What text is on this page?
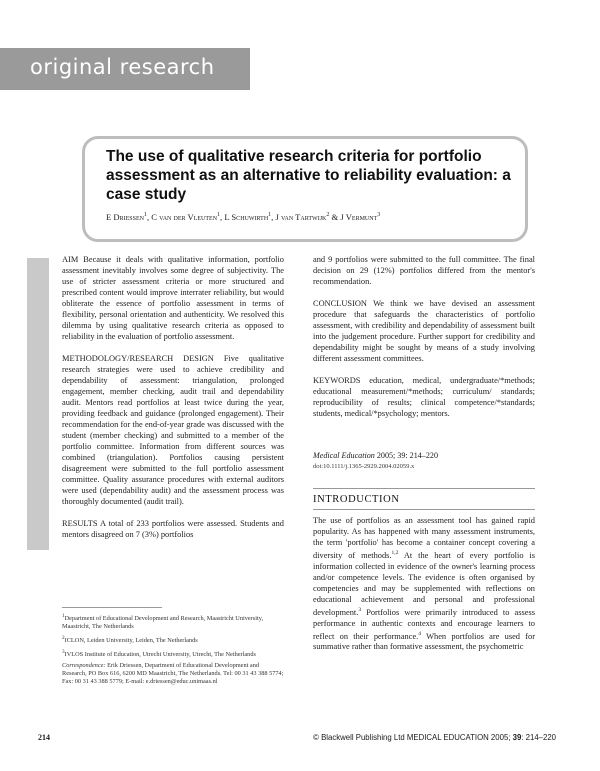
original research
The use of qualitative research criteria for portfolio assessment as an alternative to reliability evaluation: a case study
E Driessen$^1$, C van der Vleuten$^1$, L Schuwirth$^1$, J van Tartwijk$^2$ & J Vermunt$^3$

AIM Because it deals with qualitative information, portfolio assessment inevitably involves some degree of subjectivity. The use of stricter assessment criteria or more structured and prescribed content would improve interrater reliability, but would obliterate the essence of portfolio assessment in terms of flexibility, personal orientation and authenticity. We resolved this dilemma by using qualitative research criteria as opposed to reliability in the evaluation of portfolio assessment.

METHODOLOGY/RESEARCH DESIGN Five qualitative research strategies were used to achieve credibility and dependability of assessment: triangulation, prolonged engagement, member checking, audit trail and dependability audit. Mentors read portfolios at least twice during the year, providing feedback and guidance (prolonged engagement). Their recommendation for the end-of-year grade was discussed with the student (member checking) and submitted to a member of the portfolio committee. Information from different sources was combined (triangulation). Portfolios causing persistent disagreement were submitted to the full portfolio assessment committee. Quality assurance procedures with external auditors were used (dependability audit) and the assessment process was thoroughly documented (audit trail).

RESULTS A total of 233 portfolios were assessed. Students and mentors disagreed on 7 (3%) portfolios

$^1$Department of Educational Development and Research, Maastricht University, Maastricht, The Netherlands

$^2$ICLON, Leiden University, Leiden, The Netherlands

$^3$IVLOS Institute of Education, Utrecht University, Utrecht, The Netherlands

Correspondence: Erik Driessen, Department of Educational Development and Research, PO Box 616, 6200 MD Maastricht, The Netherlands. Tel: 00 31 43 388 5774; Fax: 00 31 43 388 5779; E-mail: e.driessen@educ.unimaas.nl

and 9 portfolios were submitted to the full committee. The final decision on 29 (12%) portfolios differed from the mentor's recommendation.

CONCLUSION We think we have devised an assessment procedure that safeguards the characteristics of portfolio assessment, with credibility and dependability of assessment built into the judgement procedure. Further support for credibility and dependability might be sought by means of a study involving different assessment committees.

KEYWORDS education, medical, undergraduate/*methods; educational measurement/*methods; curriculum/ standards; reproducibility of results; clinical competence/*standards; students, medical/*psychology; mentors.

Medical Education 2005; 39: 214–220
doi:10.1111/j.1365-2929.2004.02059.x
INTRODUCTION
The use of portfolios as an assessment tool has gained rapid popularity. As has happened with many assessment instruments, the term 'portfolio' has become a container concept covering a diversity of methods.$^{1,2}$ At the heart of every portfolio is information collected in evidence of the owner's learning process and/or competence levels. The evidence is often organised by competencies and may be supplemented with reflections on educational achievement and personal and professional development.$^3$ Portfolios were primarily introduced to assess performance in authentic contexts and encourage learners to reflect on their performance.$^4$ When portfolios are used for summative rather than formative assessment, the psychometric
214	© Blackwell Publishing Ltd MEDICAL EDUCATION 2005; 39: 214–220
